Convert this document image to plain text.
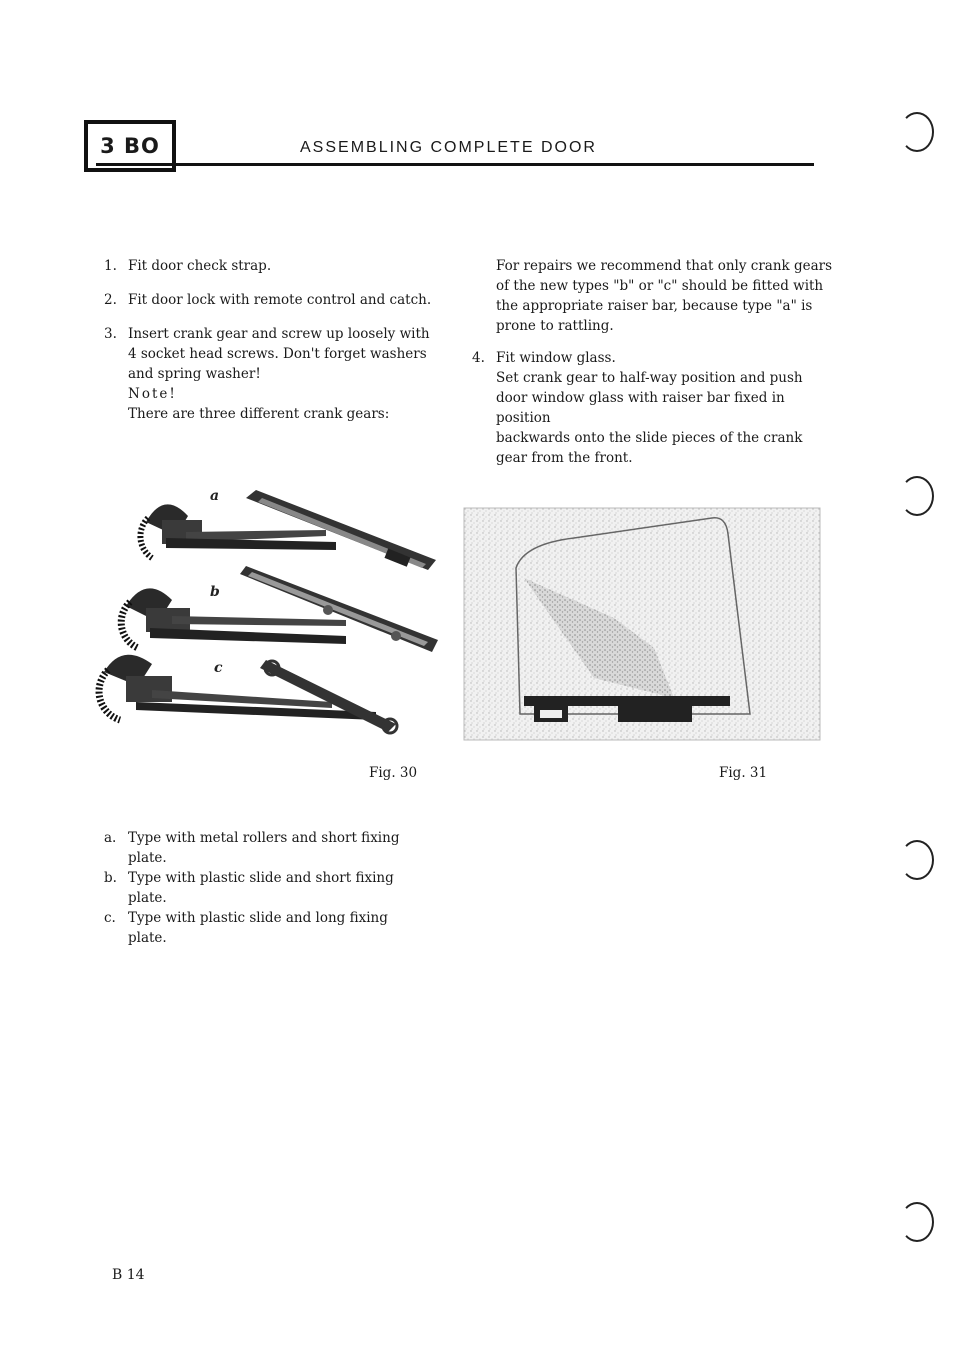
3 BO	ASSEMBLING COMPLETE DOOR
1. Fit door check strap.
2. Fit door lock with remote control and catch.
3. Insert crank gear and screw up loosely with
4 socket head screws. Don't forget washers
and spring washer!
Note!
There are three different crank gears:
For repairs we recommend that only crank gears
of the new types "b" or "c" should be fitted with
the appropriate raiser bar, because type "a" is
prone to rattling.
4. Fit window glass.
Set crank gear to half-way position and push
door window glass with raiser bar fixed in position
backwards onto the slide pieces of the crank
gear from the front.
a
b
c
Fig. 30	Fig. 31
a. Type with metal rollers and short fixing
plate.
b. Type with plastic slide and short fixing
plate.
c. Type with plastic slide and long fixing
plate.
B 14
